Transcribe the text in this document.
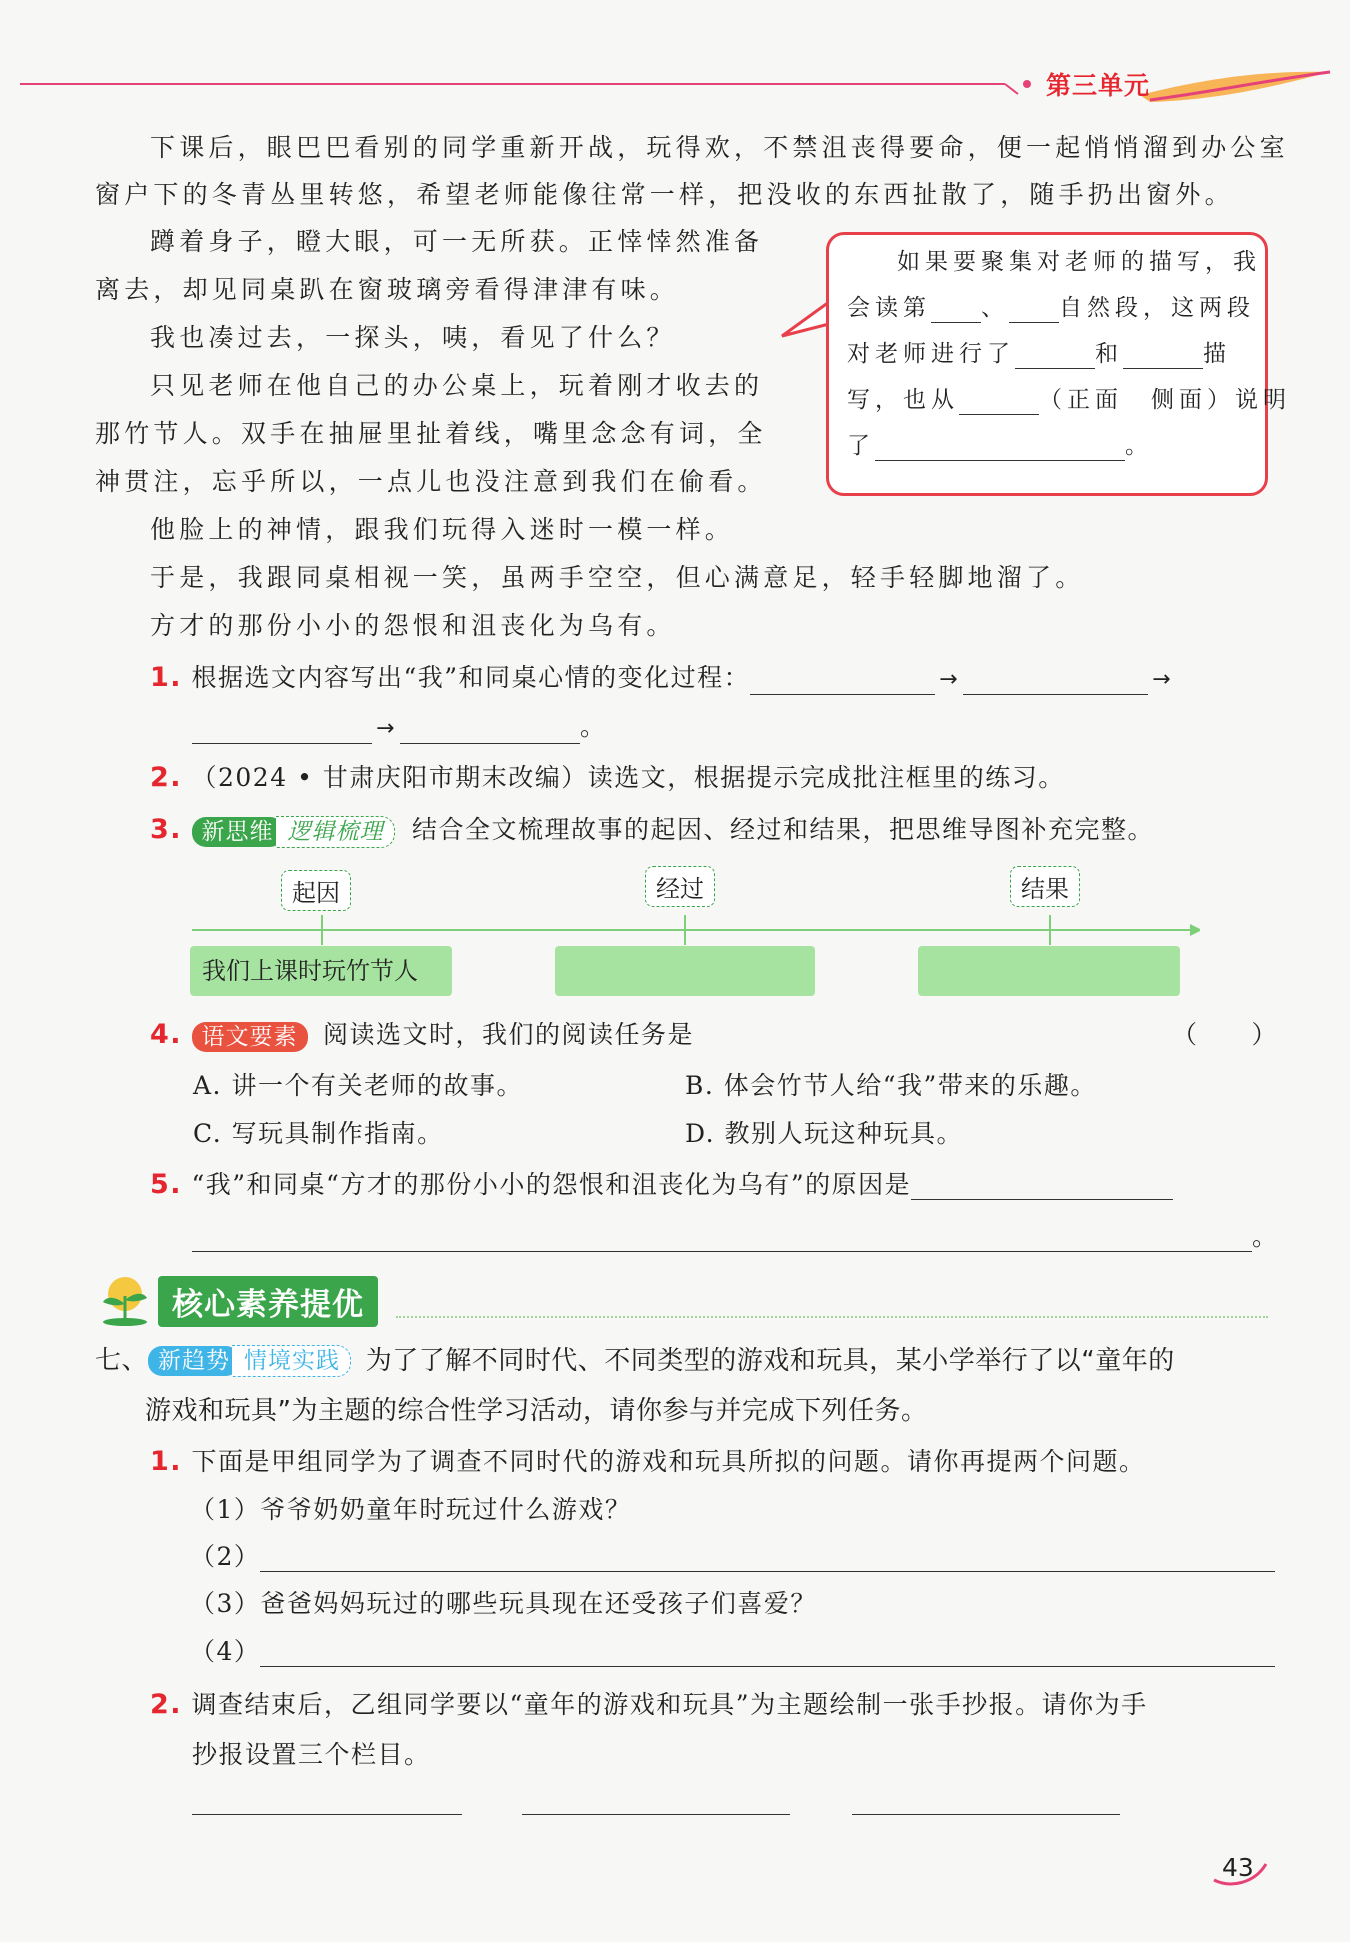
第三单元
下课后，眼巴巴看别的同学重新开战，玩得欢，不禁沮丧得要命，便一起悄悄溜到办公室
窗户下的冬青丛里转悠，希望老师能像往常一样，把没收的东西扯散了，随手扔出窗外。
蹲着身子，瞪大眼，可一无所获。正悻悻然准备
离去，却见同桌趴在窗玻璃旁看得津津有味。
我也凑过去，一探头，咦，看见了什么？
只见老师在他自己的办公桌上，玩着刚才收去的
那竹节人。双手在抽屉里扯着线，嘴里念念有词，全
神贯注，忘乎所以，一点儿也没注意到我们在偷看。
他脸上的神情，跟我们玩得入迷时一模一样。
于是，我跟同桌相视一笑，虽两手空空，但心满意足，轻手轻脚地溜了。
方才的那份小小的怨恨和沮丧化为乌有。
如果要聚集对老师的描写，我
会读第 、 自然段，这两段
对老师进行了	和	描
写，也从	（正面　侧面）说明
了	。
1. 根据选文内容写出“我”和同桌心情的变化过程：	→	→
→	。
2. （2024 • 甘肃庆阳市期末改编）读选文，根据提示完成批注框里的练习。
3. 新思维 逻辑梳理 结合全文梳理故事的起因、经过和结果，把思维导图补充完整。
起因	经过	结果
我们上课时玩竹节人
4. 语文要素 阅读选文时，我们的阅读任务是	（　　）
A. 讲一个有关老师的故事。	B. 体会竹节人给“我”带来的乐趣。
C. 写玩具制作指南。	D. 教别人玩这种玩具。
5. “我”和同桌“方才的那份小小的怨恨和沮丧化为乌有”的原因是
。
核心素养提优
七、 新趋势 情境实践 为了了解不同时代、不同类型的游戏和玩具，某小学举行了以“童年的
游戏和玩具”为主题的综合性学习活动，请你参与并完成下列任务。
1. 下面是甲组同学为了调查不同时代的游戏和玩具所拟的问题。请你再提两个问题。
（1）爷爷奶奶童年时玩过什么游戏？
（2）
（3）爸爸妈妈玩过的哪些玩具现在还受孩子们喜爱？
（4）
2. 调查结束后，乙组同学要以“童年的游戏和玩具”为主题绘制一张手抄报。请你为手
抄报设置三个栏目。
43
